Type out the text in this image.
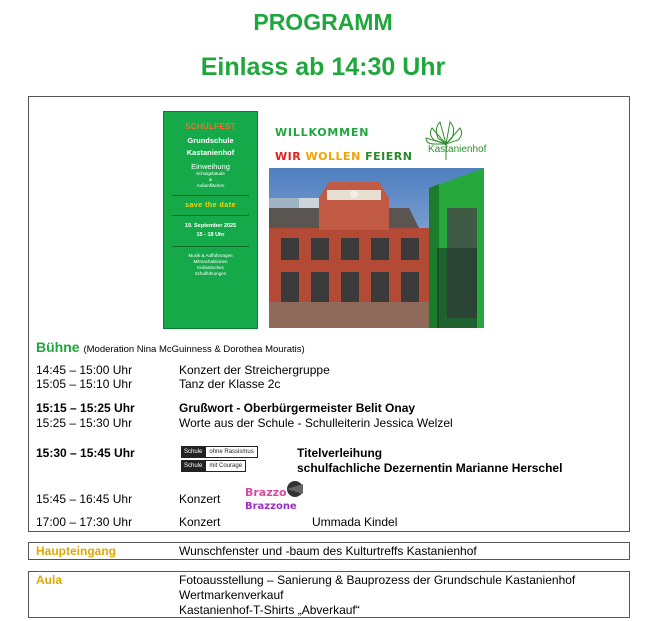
PROGRAMM
Einlass ab 14:30 Uhr
SCHULFEST
Grundschule
Kastanienhof
Einweihung
Schulgebäude
&
Außenflächen
save the date
19. September 2025
15 - 18 Uhr
Musik & Aufführungen
Mitmachaktionen
Kulinarisches
Schulführungen
WILLKOMMEN
WIR WOLLEN FEIERN
Kastanienhof
Bühne (Moderation Nina McGuinness & Dorothea Mouratis)
14:45 – 15:00 Uhr	Konzert der Streichergruppe
15:05 – 15:10 Uhr	Tanz der Klasse 2c
15:15 – 15:25 Uhr	Grußwort - Oberbürgermeister Belit Onay
15:25 – 15:30 Uhr	Worte aus der Schule - Schulleiterin Jessica Welzel
15:30 – 15:45 Uhr	Schule	ohne Rassismus
Schule	mit Courage
Titelverleihung
schulfachliche Dezernentin Marianne Herschel
15:45 – 16:45 Uhr	Konzert Brazzo
Brazzone
17:00 – 17:30 Uhr	Konzert	Ummada Kindel
Haupteingang	Wunschfenster und -baum des Kulturtreffs Kastanienhof
Aula	Fotoausstellung – Sanierung & Bauprozess der Grundschule Kastanienhof
Wertmarkenverkauf
Kastanienhof-T-Shirts „Abverkauf“
